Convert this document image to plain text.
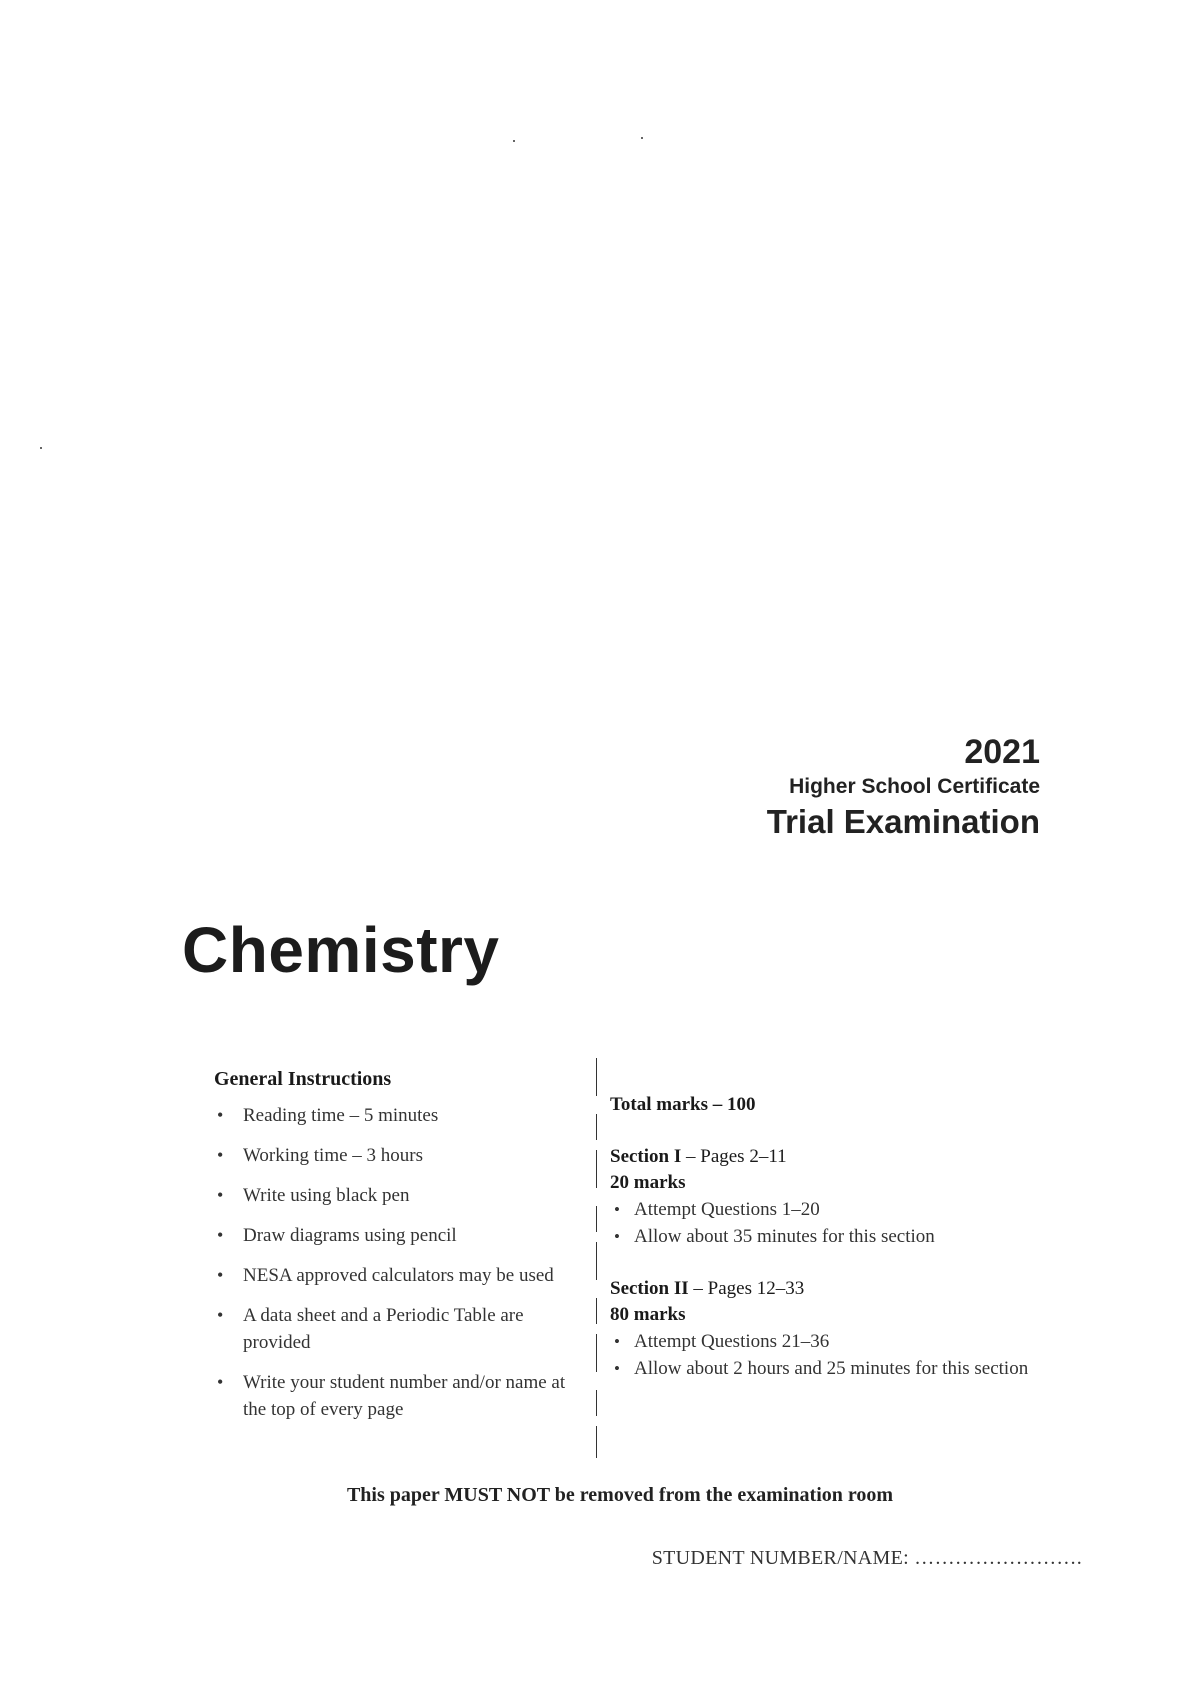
2021
Higher School Certificate
Trial Examination
Chemistry
General Instructions
• Reading time – 5 minutes
• Working time – 3 hours
• Write using black pen
• Draw diagrams using pencil
• NESA approved calculators may be used
• A data sheet and a Periodic Table are provided
• Write your student number and/or name at the top of every page
Total marks – 100
Section I – Pages 2–11
20 marks
• Attempt Questions 1–20
• Allow about 35 minutes for this section
Section II – Pages 12–33
80 marks
• Attempt Questions 21–36
• Allow about 2 hours and 25 minutes for this section
This paper MUST NOT be removed from the examination room
STUDENT NUMBER/NAME: …………………….
